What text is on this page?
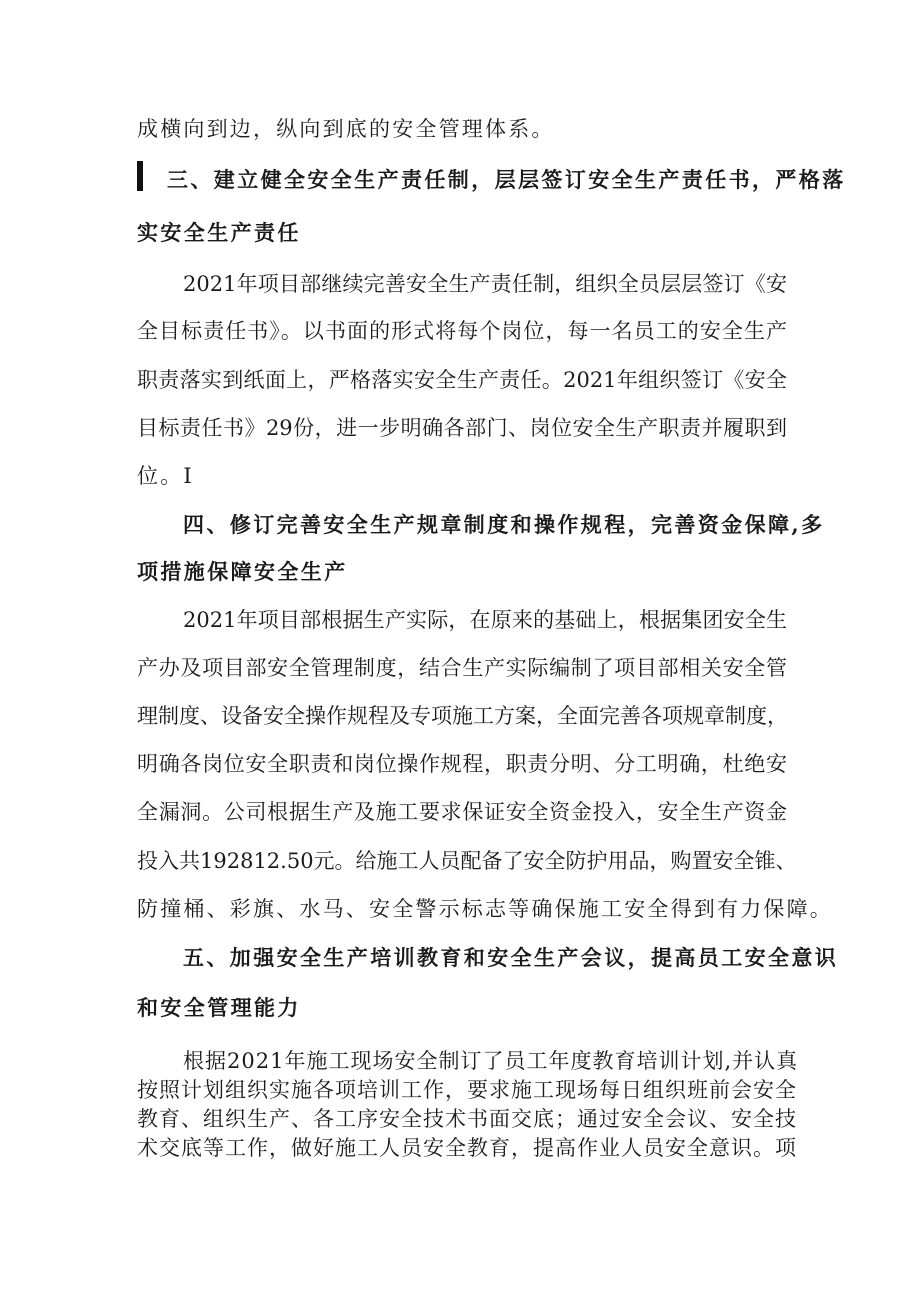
成横向到边，纵向到底的安全管理体系。
三、建立健全安全生产责任制，层层签订安全生产责任书，严格落
实安全生产责任
2021年项目部继续完善安全生产责任制，组织全员层层签订《安
全目标责任书》。以书面的形式将每个岗位，每一名员工的安全生产
职责落实到纸面上，严格落实安全生产责任。2021年组织签订《安全
目标责任书》29份，进一步明确各部门、岗位安全生产职责并履职到
位。I
四、修订完善安全生产规章制度和操作规程，完善资金保障,多
项措施保障安全生产
2021年项目部根据生产实际，在原来的基础上，根据集团安全生
产办及项目部安全管理制度，结合生产实际编制了项目部相关安全管
理制度、设备安全操作规程及专项施工方案，全面完善各项规章制度，
明确各岗位安全职责和岗位操作规程，职责分明、分工明确，杜绝安
全漏洞。公司根据生产及施工要求保证安全资金投入，安全生产资金
投入共192812.50元。给施工人员配备了安全防护用品，购置安全锥、
防撞桶、彩旗、水马、安全警示标志等确保施工安全得到有力保障。
五、加强安全生产培训教育和安全生产会议，提高员工安全意识
和安全管理能力
根据2021年施工现场安全制订了员工年度教育培训计划,并认真
按照计划组织实施各项培训工作，要求施工现场每日组织班前会安全
教育、组织生产、各工序安全技术书面交底；通过安全会议、安全技
术交底等工作，做好施工人员安全教育，提高作业人员安全意识。项
